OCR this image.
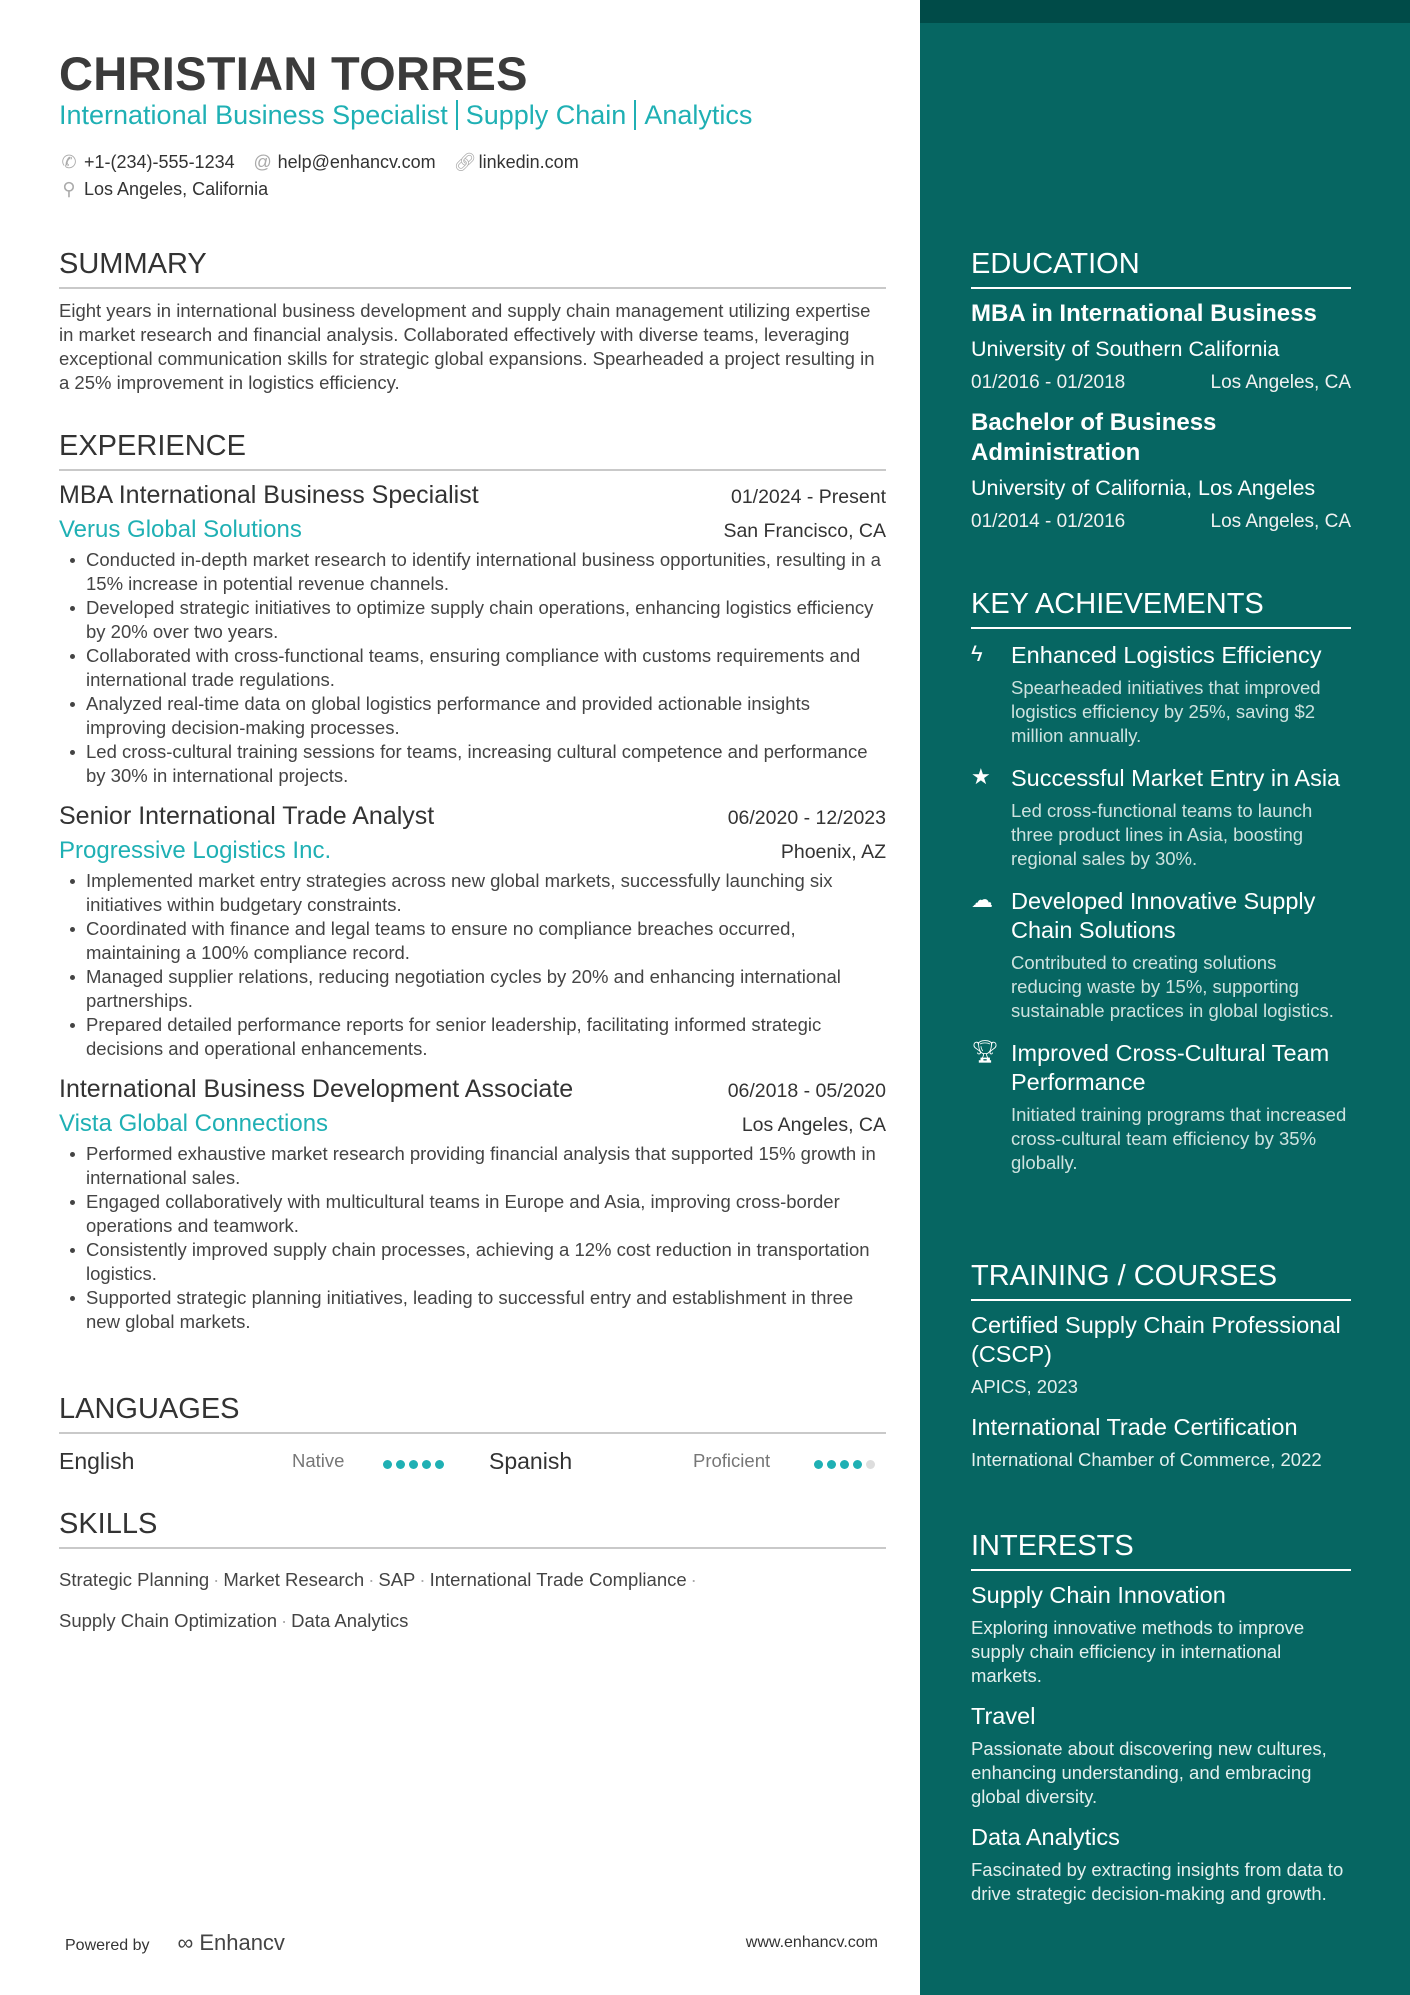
CHRISTIAN TORRES
International Business Specialist Supply Chain Analytics
✆ +1-(234)-555-1234 @ help@enhancv.com 🔗︎ linkedin.com
⚲ Los Angeles, California
SUMMARY

Eight years in international business development and supply chain management utilizing expertise in market research and financial analysis. Collaborated effectively with diverse teams, leveraging exceptional communication skills for strategic global expansions. Spearheaded a project resulting in a 25% improvement in logistics efficiency.

EXPERIENCE
MBA International Business Specialist	01/2024 - Present
Verus Global Solutions	San Francisco, CA
Conducted in-depth market research to identify international business opportunities, resulting in a 15% increase in potential revenue channels.
Developed strategic initiatives to optimize supply chain operations, enhancing logistics efficiency by 20% over two years.
Collaborated with cross-functional teams, ensuring compliance with customs requirements and international trade regulations.
Analyzed real-time data on global logistics performance and provided actionable insights improving decision-making processes.
Led cross-cultural training sessions for teams, increasing cultural competence and performance by 30% in international projects.
Senior International Trade Analyst	06/2020 - 12/2023
Progressive Logistics Inc.	Phoenix, AZ
Implemented market entry strategies across new global markets, successfully launching six initiatives within budgetary constraints.
Coordinated with finance and legal teams to ensure no compliance breaches occurred, maintaining a 100% compliance record.
Managed supplier relations, reducing negotiation cycles by 20% and enhancing international partnerships.
Prepared detailed performance reports for senior leadership, facilitating informed strategic decisions and operational enhancements.
International Business Development Associate	06/2018 - 05/2020
Vista Global Connections	Los Angeles, CA
Performed exhaustive market research providing financial analysis that supported 15% growth in international sales.
Engaged collaboratively with multicultural teams in Europe and Asia, improving cross-border operations and teamwork.
Consistently improved supply chain processes, achieving a 12% cost reduction in transportation logistics.
Supported strategic planning initiatives, leading to successful entry and establishment in three new global markets.
LANGUAGES
English	Native	Spanish	Proficient
SKILLS
Strategic Planning · Market Research · SAP · International Trade Compliance ·
Supply Chain Optimization · Data Analytics
Powered by ∞ Enhancv	www.enhancv.com
EDUCATION
MBA in International Business
University of Southern California
01/2016 - 01/2018	Los Angeles, CA
Bachelor of Business Administration
University of California, Los Angeles
01/2014 - 01/2016	Los Angeles, CA
KEY ACHIEVEMENTS
ϟ	Enhanced Logistics Efficiency
Spearheaded initiatives that improved logistics efficiency by 25%, saving $2 million annually.
★ Successful Market Entry in Asia
Led cross-functional teams to launch three product lines in Asia, boosting regional sales by 30%.
☁ Developed Innovative Supply Chain Solutions
Contributed to creating solutions reducing waste by 15%, supporting sustainable practices in global logistics.
🏆︎ Improved Cross-Cultural Team Performance
Initiated training programs that increased cross-cultural team efficiency by 35% globally.
TRAINING / COURSES
Certified Supply Chain Professional (CSCP)
APICS, 2023
International Trade Certification
International Chamber of Commerce, 2022
INTERESTS
Supply Chain Innovation
Exploring innovative methods to improve supply chain efficiency in international markets.
Travel
Passionate about discovering new cultures, enhancing understanding, and embracing global diversity.
Data Analytics
Fascinated by extracting insights from data to drive strategic decision-making and growth.
